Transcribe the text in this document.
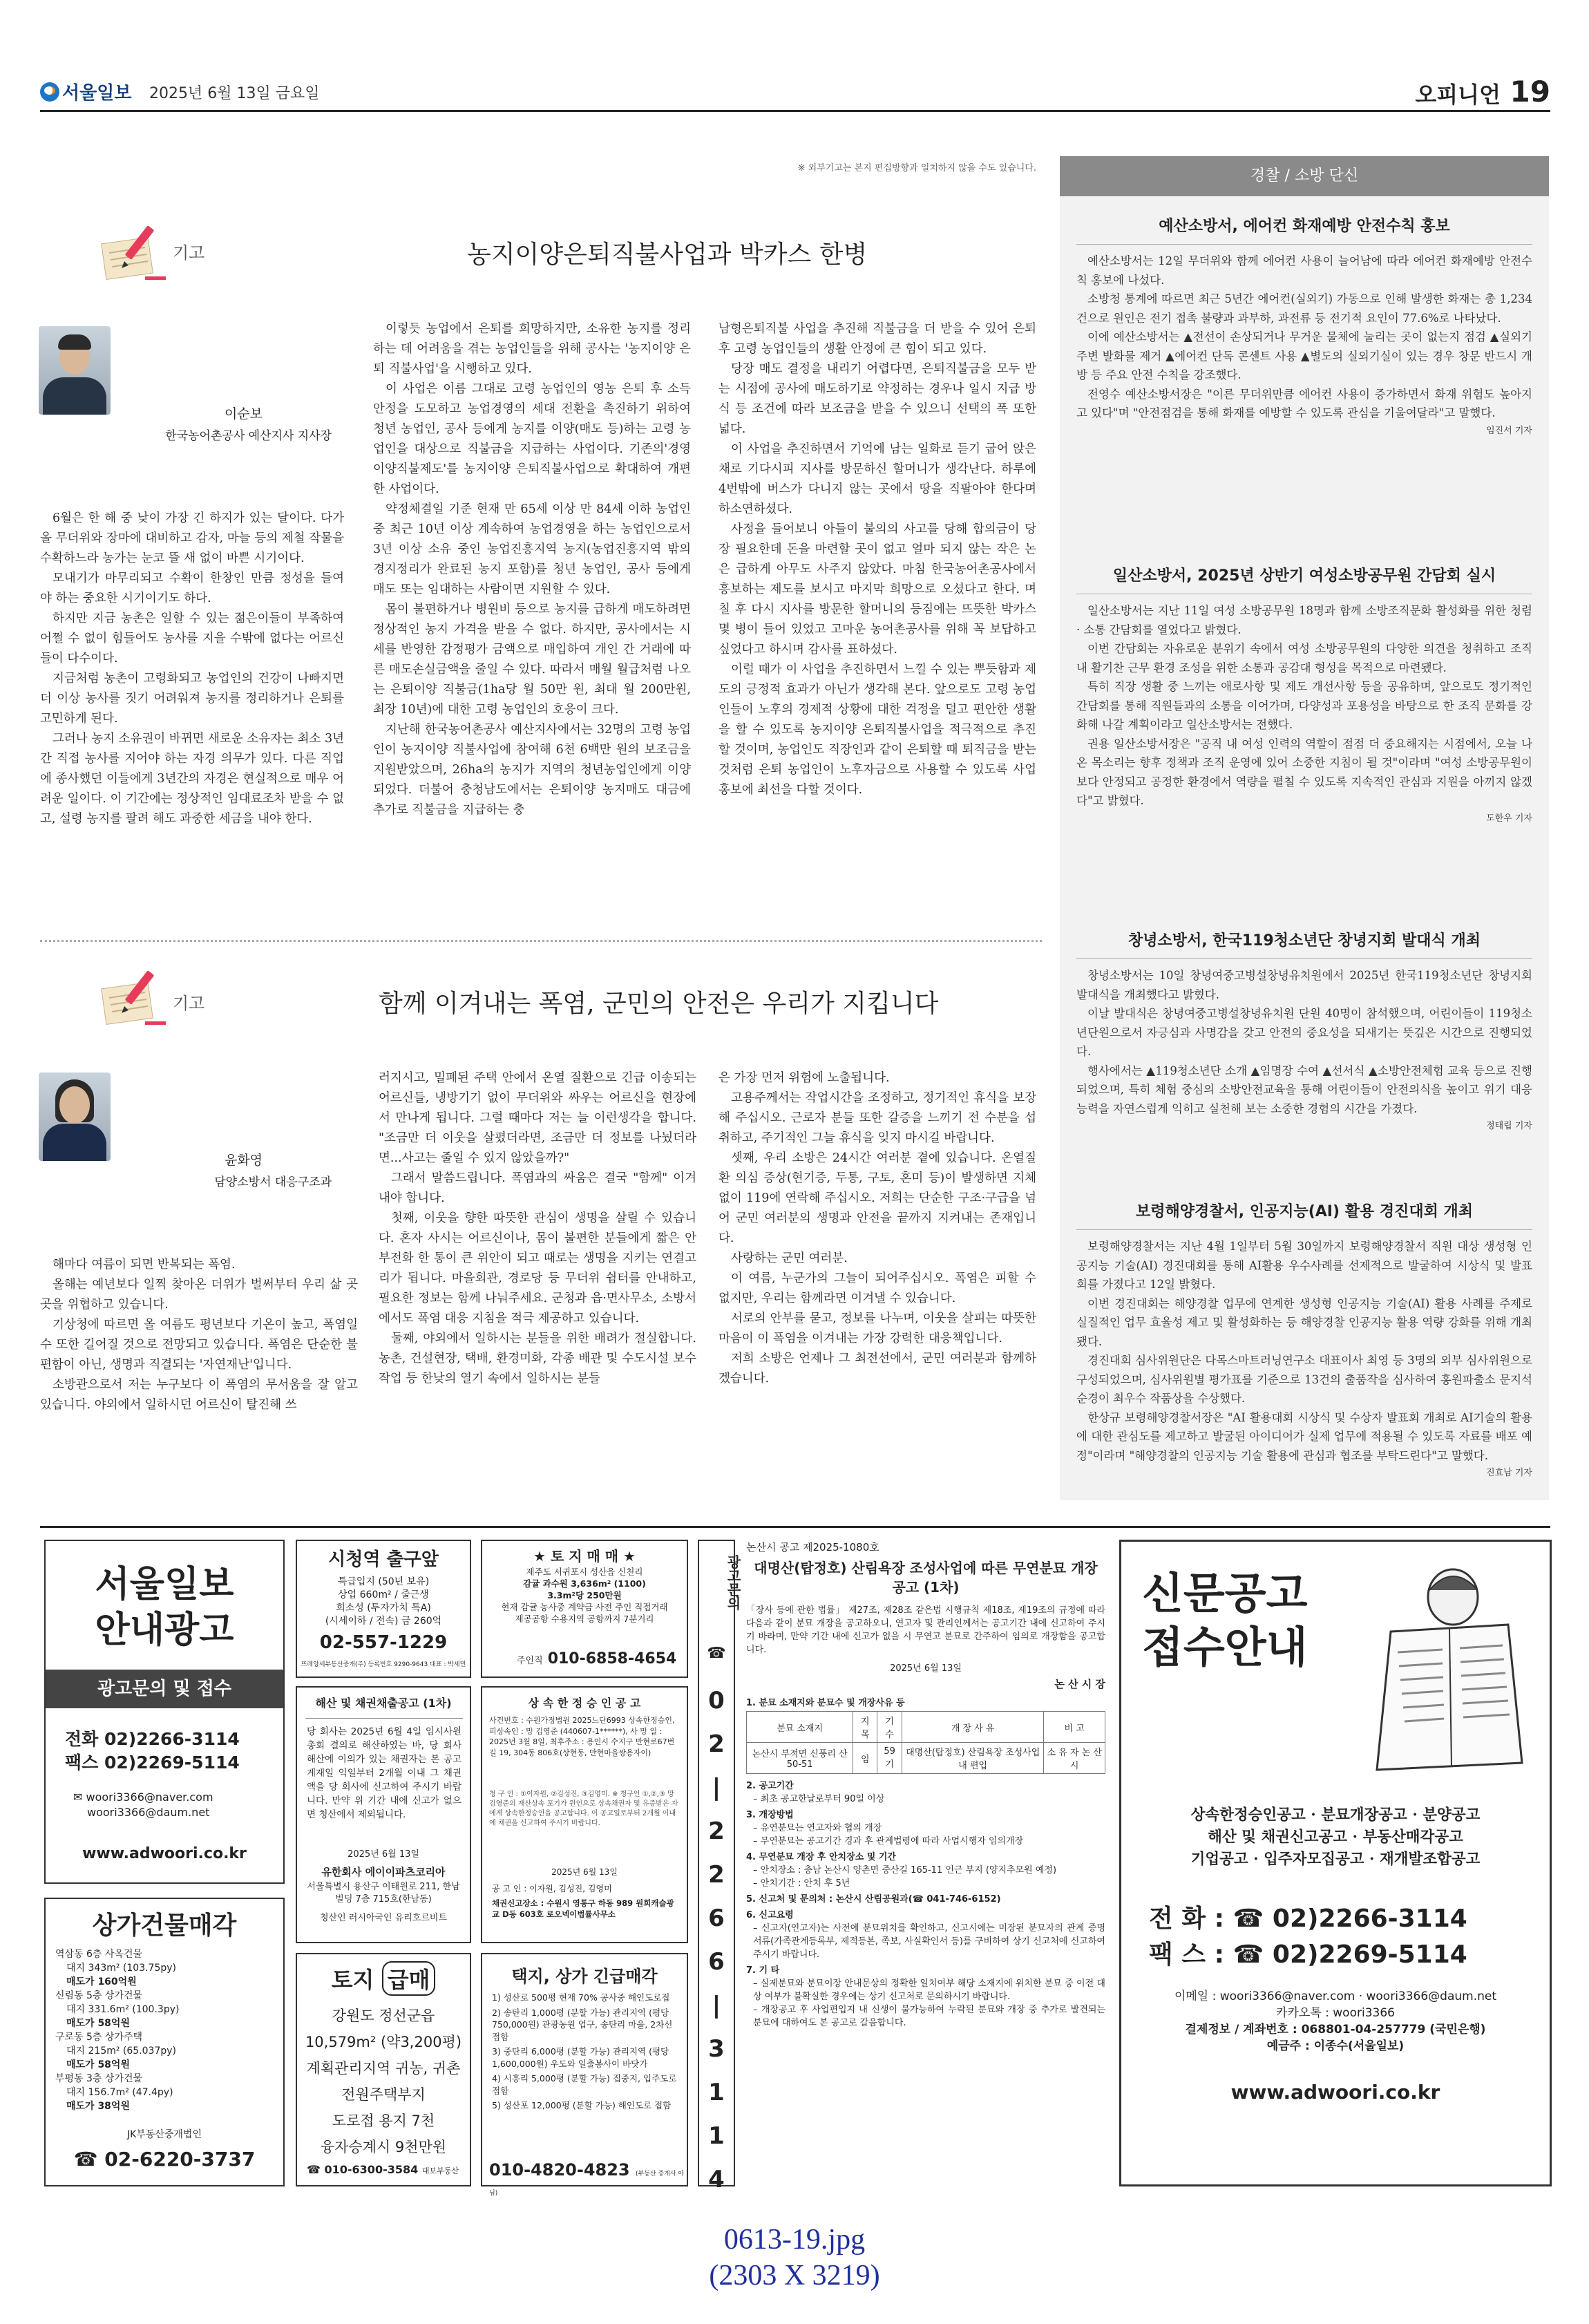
서울일보 2025년 6월 13일 금요일	오피니언 19
※ 외부기고는 본지 편집방향과 일치하지 않을 수도 있습니다.
기고	농지이양은퇴직불사업과 박카스 한병
이순보
한국농어촌공사 예산지사 지사장

6월은 한 해 중 낮이 가장 긴 하지가 있는 달이다. 다가올 무더위와 장마에 대비하고 감자, 마늘 등의 제철 작물을 수확하느라 농가는 눈코 뜰 새 없이 바쁜 시기이다.

모내기가 마무리되고 수확이 한창인 만큼 정성을 들여야 하는 중요한 시기이기도 하다.

하지만 지금 농촌은 일할 수 있는 젊은이들이 부족하여 어쩔 수 없이 힘들어도 농사를 지을 수밖에 없다는 어르신들이 다수이다.

지금처럼 농촌이 고령화되고 농업인의 건강이 나빠지면 더 이상 농사를 짓기 어려워져 농지를 정리하거나 은퇴를 고민하게 된다.

그러나 농지 소유권이 바뀌면 새로운 소유자는 최소 3년간 직접 농사를 지어야 하는 자경 의무가 있다. 다른 직업에 종사했던 이들에게 3년간의 자경은 현실적으로 매우 어려운 일이다. 이 기간에는 정상적인 임대료조차 받을 수 없고, 설령 농지를 팔려 해도 과중한 세금을 내야 한다.

이렇듯 농업에서 은퇴를 희망하지만, 소유한 농지를 정리하는 데 어려움을 겪는 농업인들을 위해 공사는 '농지이양 은퇴 직불사업'을 시행하고 있다.

이 사업은 이름 그대로 고령 농업인의 영농 은퇴 후 소득 안정을 도모하고 농업경영의 세대 전환을 촉진하기 위하여 청년 농업인, 공사 등에게 농지를 이양(매도 등)하는 고령 농업인을 대상으로 직불금을 지급하는 사업이다. 기존의'경영이양직불제도'를 농지이양 은퇴직불사업으로 확대하여 개편한 사업이다.

약정체결일 기준 현재 만 65세 이상 만 84세 이하 농업인 중 최근 10년 이상 계속하여 농업경영을 하는 농업인으로서 3년 이상 소유 중인 농업진흥지역 농지(농업진흥지역 밖의 경지정리가 완료된 농지 포함)를 청년 농업인, 공사 등에게 매도 또는 임대하는 사람이면 지원할 수 있다.

몸이 불편하거나 병원비 등으로 농지를 급하게 매도하려면 정상적인 농지 가격을 받을 수 없다. 하지만, 공사에서는 시세를 반영한 감정평가 금액으로 매입하여 개인 간 거래에 따른 매도손실금액을 줄일 수 있다. 따라서 매월 월급처럼 나오는 은퇴이양 직불금(1ha당 월 50만 원, 최대 월 200만원, 최장 10년)에 대한 고령 농업인의 호응이 크다.

지난해 한국농어촌공사 예산지사에서는 32명의 고령 농업인이 농지이양 직불사업에 참여해 6천 6백만 원의 보조금을 지원받았으며, 26ha의 농지가 지역의 청년농업인에게 이양되었다. 더불어 충청남도에서는 은퇴이양 농지매도 대금에 추가로 직불금을 지급하는 충

남형은퇴직불 사업을 추진해 직불금을 더 받을 수 있어 은퇴 후 고령 농업인들의 생활 안정에 큰 힘이 되고 있다.

당장 매도 결정을 내리기 어렵다면, 은퇴직불금을 모두 받는 시점에 공사에 매도하기로 약정하는 경우나 일시 지급 방식 등 조건에 따라 보조금을 받을 수 있으니 선택의 폭 또한 넓다.

이 사업을 추진하면서 기억에 남는 일화로 듣기 굽어 앉은 채로 기다시피 지사를 방문하신 할머니가 생각난다. 하루에 4번밖에 버스가 다니지 않는 곳에서 땅을 직팔아야 한다며 하소연하셨다.

사정을 들어보니 아들이 불의의 사고를 당해 합의금이 당장 필요한데 돈을 마련할 곳이 없고 얼마 되지 않는 작은 논은 급하게 아무도 사주지 않았다. 마침 한국농어촌공사에서 흥보하는 제도를 보시고 마지막 희망으로 오셨다고 한다. 며칠 후 다시 지사를 방문한 할머니의 등짐에는 뜨뜻한 박카스 몇 병이 들어 있었고 고마운 농어촌공사를 위해 꼭 보답하고 싶었다고 하시며 감사를 표하셨다.

이럴 때가 이 사업을 추진하면서 느낄 수 있는 뿌듯함과 제도의 긍정적 효과가 아닌가 생각해 본다. 앞으로도 고령 농업인들이 노후의 경제적 상황에 대한 걱정을 덜고 편안한 생활을 할 수 있도록 농지이양 은퇴직불사업을 적극적으로 추진할 것이며, 농업인도 직장인과 같이 은퇴할 때 퇴직금을 받는 것처럼 은퇴 농업인이 노후자금으로 사용할 수 있도록 사업홍보에 최선을 다할 것이다.

기고	함께 이겨내는 폭염, 군민의 안전은 우리가 지킵니다
윤화영
담양소방서 대응구조과

해마다 여름이 되면 반복되는 폭염.

올해는 예년보다 일찍 찾아온 더위가 벌써부터 우리 삶 곳곳을 위협하고 있습니다.

기상청에 따르면 올 여름도 평년보다 기온이 높고, 폭염일수 또한 길어질 것으로 전망되고 있습니다. 폭염은 단순한 불편함이 아닌, 생명과 직결되는 '자연재난'입니다.

소방관으로서 저는 누구보다 이 폭염의 무서움을 잘 알고 있습니다. 야외에서 일하시던 어르신이 탈진해 쓰

러지시고, 밀폐된 주택 안에서 온열 질환으로 긴급 이송되는 어르신들, 냉방기기 없이 무더위와 싸우는 어르신을 현장에서 만나게 됩니다. 그럴 때마다 저는 늘 이런생각을 합니다. "조금만 더 이웃을 살폈더라면, 조금만 더 정보를 나눴더라면...사고는 줄일 수 있지 않았을까?"

그래서 말씀드립니다. 폭염과의 싸움은 결국 "함께" 이겨내야 합니다.

첫째, 이웃을 향한 따뜻한 관심이 생명을 살릴 수 있습니다. 혼자 사시는 어르신이나, 몸이 불편한 분들에게 짧은 안부전화 한 통이 큰 위안이 되고 때로는 생명을 지키는 연결고리가 됩니다. 마을회관, 경로당 등 무더위 쉼터를 안내하고, 필요한 정보는 함께 나눠주세요. 군청과 읍·면사무소, 소방서에서도 폭염 대응 지침을 적극 제공하고 있습니다.

둘째, 야외에서 일하시는 분들을 위한 배려가 절실합니다. 농촌, 건설현장, 택배, 환경미화, 각종 배관 및 수도시설 보수작업 등 한낮의 열기 속에서 일하시는 분들

은 가장 먼저 위험에 노출됩니다.

고용주께서는 작업시간을 조정하고, 정기적인 휴식을 보장해 주십시오. 근로자 분들 또한 갈증을 느끼기 전 수분을 섭취하고, 주기적인 그늘 휴식을 잊지 마시길 바랍니다.

셋째, 우리 소방은 24시간 여러분 곁에 있습니다. 온열질환 의심 증상(현기증, 두통, 구토, 혼미 등)이 발생하면 지체 없이 119에 연락해 주십시오. 저희는 단순한 구조·구급을 넘어 군민 여러분의 생명과 안전을 끝까지 지켜내는 존재입니다.

사랑하는 군민 여러분.

이 여름, 누군가의 그늘이 되어주십시오. 폭염은 피할 수 없지만, 우리는 함께라면 이겨낼 수 있습니다.

서로의 안부를 묻고, 정보를 나누며, 이웃을 살피는 따뜻한 마음이 이 폭염을 이겨내는 가장 강력한 대응책입니다.

저희 소방은 언제나 그 최전선에서, 군민 여러분과 함께하겠습니다.

경찰 / 소방 단신
예산소방서, 에어컨 화재예방 안전수칙 홍보

예산소방서는 12일 무더위와 함께 에어컨 사용이 늘어남에 따라 에어컨 화재예방 안전수칙 홍보에 나섰다.

소방청 통계에 따르면 최근 5년간 에어컨(실외기) 가동으로 인해 발생한 화재는 총 1,234건으로 원인은 전기 접촉 불량과 과부하, 과전류 등 전기적 요인이 77.6%로 나타났다.

이에 예산소방서는 ▲전선이 손상되거나 무거운 물체에 눌리는 곳이 없는지 점검 ▲실외기 주변 발화물 제거 ▲에어컨 단독 콘센트 사용 ▲별도의 실외기실이 있는 경우 창문 반드시 개방 등 주요 안전 수칙을 강조했다.

전영수 예산소방서장은 "이른 무더위만큼 에어컨 사용이 증가하면서 화재 위험도 높아지고 있다"며 "안전점검을 통해 화재를 예방할 수 있도록 관심을 기울여달라"고 말했다.

임진서 기자
일산소방서, 2025년 상반기 여성소방공무원 간담회 실시

일산소방서는 지난 11일 여성 소방공무원 18명과 함께 소방조직문화 활성화를 위한 청렴 · 소통 간담회를 열었다고 밝혔다.

이번 간담회는 자유로운 분위기 속에서 여성 소방공무원의 다양한 의견을 청취하고 조직 내 활기찬 근무 환경 조성을 위한 소통과 공감대 형성을 목적으로 마련됐다.

특히 직장 생활 중 느끼는 애로사항 및 제도 개선사항 등을 공유하며, 앞으로도 정기적인 간담회를 통해 직원들과의 소통을 이어가며, 다양성과 포용성을 바탕으로 한 조직 문화를 강화해 나갈 계획이라고 일산소방서는 전했다.

권용 일산소방서장은 "공직 내 여성 인력의 역할이 점점 더 중요해지는 시점에서, 오늘 나온 목소리는 향후 정책과 조직 운영에 있어 소중한 지침이 될 것"이라며 "여성 소방공무원이 보다 안정되고 공정한 환경에서 역량을 펼칠 수 있도록 지속적인 관심과 지원을 아끼지 않겠다"고 밝혔다.

도한우 기자
창녕소방서, 한국119청소년단 창녕지회 발대식 개최

창녕소방서는 10일 창녕여중고병설창녕유치원에서 2025년 한국119청소년단 창녕지회 발대식을 개최했다고 밝혔다.

이날 발대식은 창녕여중고병설창녕유치원 단원 40명이 참석했으며, 어린이들이 119청소년단원으로서 자긍심과 사명감을 갖고 안전의 중요성을 되새기는 뜻깊은 시간으로 진행되었다.

행사에서는 ▲119청소년단 소개 ▲임명장 수여 ▲선서식 ▲소방안전체험 교육 등으로 진행되었으며, 특히 체험 중심의 소방안전교육을 통해 어린이들이 안전의식을 높이고 위기 대응 능력을 자연스럽게 익히고 실천해 보는 소중한 경험의 시간을 가졌다.

정태립 기자
보령해양경찰서, 인공지능(AI) 활용 경진대회 개최

보령해양경찰서는 지난 4월 1일부터 5월 30일까지 보령해양경찰서 직원 대상 생성형 인공지능 기술(AI) 경진대회를 통해 AI활용 우수사례를 선제적으로 발굴하여 시상식 및 발표회를 가졌다고 12일 밝혔다.

이번 경진대회는 해양경찰 업무에 연계한 생성형 인공지능 기술(AI) 활용 사례를 주제로 실질적인 업무 효율성 제고 및 활성화하는 등 해양경찰 인공지능 활용 역량 강화를 위해 개최됐다.

경진대회 심사위원단은 다목스마트러닝연구소 대표이사 최영 등 3명의 외부 심사위원으로 구성되었으며, 심사위원별 평가표를 기준으로 13건의 출품작을 심사하여 홍원파출소 문지석 순경이 최우수 작품상을 수상했다.

한상규 보령해양경찰서장은 "AI 활용대회 시상식 및 수상자 발표회 개최로 AI기술의 활용에 대한 관심도를 제고하고 발굴된 아이디어가 실제 업무에 적용될 수 있도록 자료를 배포 예정"이라며 "해양경찰의 인공지능 기술 활용에 관심과 협조를 부탁드린다"고 말했다.

진효남 기자
서울일보
안내광고
광고문의 및 접수
전화 02)2266-3114
팩스 02)2269-5114
✉ woori3366@naver.com
woori3366@daum.net
www.adwoori.co.kr
상가건물매각
역삼동 6층 사옥건물
대지 343m² (103.75py)
매도가 160억원
신림동 5층 상가건물
대지 331.6m² (100.3py)
매도가 58억원
구로동 5층 상가주택
대지 215m² (65.037py)
매도가 58억원
부평동 3층 상가건물
대지 156.7m² (47.4py)
매도가 38억원
JK부동산중개법인
☎ 02-6220-3737
시청역 출구앞
특급입지 (50년 보유)
상업 660m² / 줄근생
희소성 (투자가치 특A)
(시세이하 / 전속) 금 260억
02-557-1229
뜨레앙세부동산중개(주) 등록번호 9290-9643 대표 : 박세민
★ 토 지 매 매 ★
제주도 서귀포시 성산읍 신천리
감귤 과수원 3,636m² (1100)
3.3m²당 250만원
현재 감귤 농사중 계약금 사전 주인 직접거래
제공공항 수용지역 공항까지 7분거리
주인직 010-6858-4654
해산 및 채권채출공고 (1차)
당 회사는 2025년 6월 4일 임시사원총회 결의로 해산하였는 바, 당 회사 해산에 이의가 있는 채권자는 본 공고 게재일 익일부터 2개월 이내 그 채권액을 당 회사에 신고하여 주시기 바랍니다. 만약 위 기간 내에 신고가 없으면 청산에서 제외됩니다.
2025년 6월 13일
유한회사 에이이파츠코리아
서울특별시 용산구 이태원로 211, 한남빌딩 7층 715호(한남동)
청산인 러시아국인 유리호르비트
상 속 한 정 승 인 공 고
사건번호 : 수원가정법원 2025느단6993 상속한정승인, 피상속인 : 망 김영준 (440607-1******), 사 망 일 : 2025년 3월 8일, 최후주소 : 용인시 수지구 만현로67번길 19, 304동 806호(상현동, 만현마을쌍용자이)
청 구 인 : ①이자원, ②김성진, ③김영미. ※ 청구인 ①,②,③ 망 김영준의 재산상속 포기가 원인으로 상속채권자 및 유증받은 자에게 상속한정승인을 공고합니다. 이 공고일로부터 2개월 이내에 채권을 신고하여 주시기 바랍니다.
2025년 6월 13일
공 고 인 : 이자원, 김성진, 김영미
채권신고장소 : 수원시 영통구 하동 989 원희캐슬광교 D동 603호 로오넥이법률사무소
토지 급매
강원도 정선군읍
10,579m² (약3,200평)
계획관리지역 귀농, 귀촌
전원주택부지
도로접 용지 7천
융자승계시 9천만원
☎ 010-6300-3584 대보부동산
택지, 상가 긴급매각
1) 성산로 500평 현재 70% 공사중 해인도로접
2) 송탄리 1,000평 (분할 가능) 관리지역 (평당 750,000원) 관광농원 업구, 송탄리 마을, 2차선 접함
3) 중탄리 6,000평 (분할 가능) 관리지역 (평당 1,600,000원) 우도와 일출봉사이 바닷가
4) 시흥리 5,000평 (분할 가능) 집중지, 입주도로 접함
5) 성산포 12,000평 (분할 가능) 해인도로 접함
010-4820-4823 (부동산 중개사 아님)
광고문의
☎
0
2
|
2
2
6
6
|
3
1
1
4
논산시 공고 제2025-1080호
대명산(탑정호) 산림욕장 조성사업에 따른 무연분묘 개장 공고 (1차)
「장사 등에 관한 법률」 제27조, 제28조 같은법 시행규칙 제18조, 제19조의 규정에 따라 다음과 같이 분묘 개장을 공고하오니, 연고자 및 관리인께서는 공고기간 내에 신고하여 주시기 바라며, 만약 기간 내에 신고가 없을 시 무연고 분묘로 간주하여 임의로 개장함을 공고합니다.
2025년 6월 13일
논 산 시 장
1. 분묘 소재지와 분묘수 및 개장사유 등
분묘 소재지	지 목	기 수	개 장 사 유	비 고
논산시 부적면 신풍리 산50-51	임	59기	대명산(탑정호) 산림욕장 조성사업 내 편입	소 유 자 논 산 시
2. 공고기간
– 최초 공고한날로부터 90일 이상
3. 개장방법
– 유연분묘는 연고자와 협의 개장
– 무연분묘는 공고기간 경과 후 관계법령에 따라 사업시행자 임의개장
4. 무연분묘 개장 후 안치장소 및 기간
– 안치장소 : 충남 논산시 양촌면 중산길 165-11 인근 부지 (양지추모원 예정)
– 안치기간 : 안치 후 5년
5. 신고처 및 문의처 : 논산시 산림공원과(☎ 041-746-6152)
6. 신고요령
– 신고자(연고자)는 사전에 분묘위치를 확인하고, 신고시에는 미장된 분묘자의 관계 증명 서류(가족관계등록부, 제적등본, 족보, 사실확인서 등)를 구비하여 상기 신고처에 신고하여 주시기 바랍니다.
7. 기 타
– 실제분묘와 분묘이장 안내문상의 정확한 일치여부 해당 소재지에 위치한 분묘 중 이전 대상 여부가 불확실한 경우에는 상기 신고처로 문의하시기 바랍니다.
– 개장공고 후 사업편입지 내 신생이 불가능하여 누락된 분묘와 개장 중 추가로 발견되는 분묘에 대하여도 본 공고로 갈음합니다.
신문공고
접수안내
상속한정승인공고 · 분묘개장공고 · 분양공고
해산 및 채권신고공고 · 부동산매각공고
기업공고 · 입주자모집공고 · 재개발조합공고
전 화 : ☎ 02)2266-3114
팩 스 : ☎ 02)2269-5114
이메일 : woori3366@naver.com · woori3366@daum.net
카카오톡 : woori3366
결제정보 / 계좌번호 : 068801-04-257779 (국민은행)
예금주 : 이종수(서울일보)
www.adwoori.co.kr
0613-19.jpg
(2303 X 3219)
